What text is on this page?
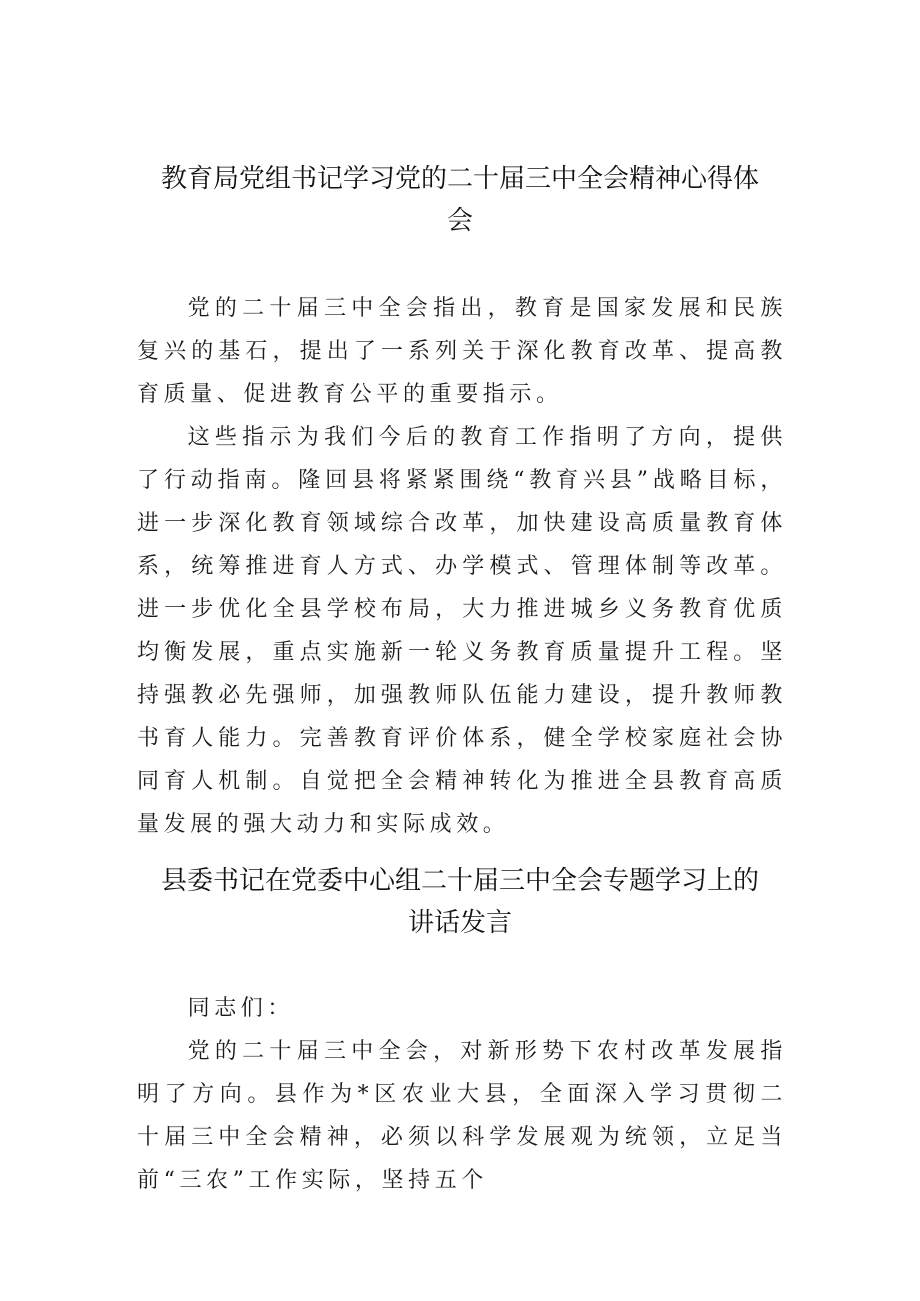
教育局党组书记学习党的二十届三中全会精神心得体
会

党的二十届三中全会指出，教育是国家发展和民族复兴的基石，提出了一系列关于深化教育改革、提高教育质量、促进教育公平的重要指示。

这些指示为我们今后的教育工作指明了方向，提供了行动指南。隆回县将紧紧围绕“教育兴县”战略目标，进一步深化教育领域综合改革，加快建设高质量教育体系，统筹推进育人方式、办学模式、管理体制等改革。进一步优化全县学校布局，大力推进城乡义务教育优质均衡发展，重点实施新一轮义务教育质量提升工程。坚持强教必先强师，加强教师队伍能力建设，提升教师教书育人能力。完善教育评价体系，健全学校家庭社会协同育人机制。自觉把全会精神转化为推进全县教育高质量发展的强大动力和实际成效。

县委书记在党委中心组二十届三中全会专题学习上的
讲话发言

同志们：

党的二十届三中全会，对新形势下农村改革发展指明了方向。县作为*区农业大县，全面深入学习贯彻二十届三中全会精神，必须以科学发展观为统领，立足当前“三农”工作实际，坚持五个
